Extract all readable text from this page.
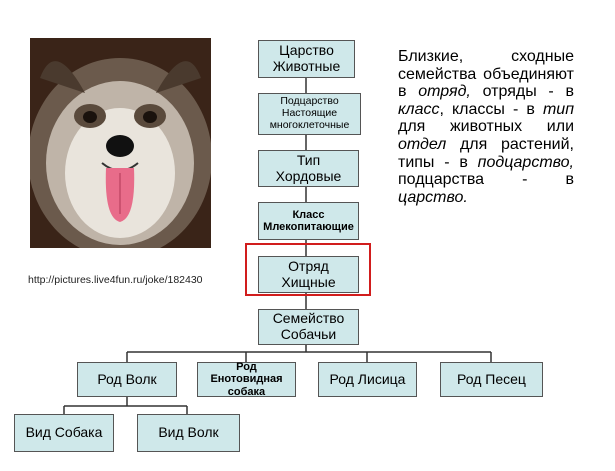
http://pictures.live4fun.ru/joke/182430
Царство
Животные
Подцарство
Настоящие
многоклеточные
Тип
Хордовые
Класс
Млекопитающие
Отряд
Хищные
Семейство
Собачьи
Род Волк
Род
Енотовидная
собака
Род Лисица	Род Песец
Вид Собака	Вид Волк
Близкие, сходные семейства объединяют в отряд, отряды - в класс, классы - в тип для животных или отдел для растений, типы - в подцарство, подцарства - в царство.
